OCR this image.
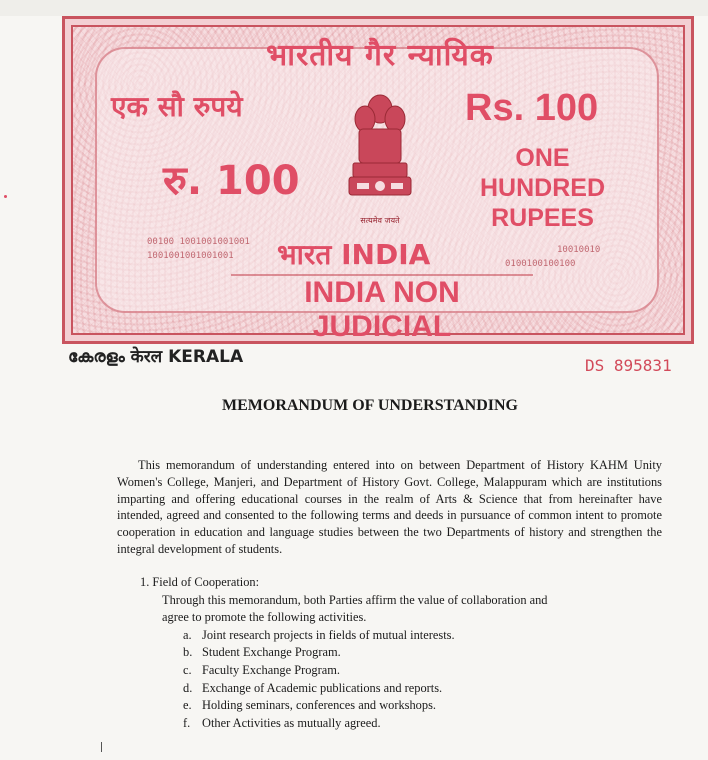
भारतीय गैर न्यायिक
एक सौ रुपये	Rs. 100
रु. 100	ONE
HUNDRED RUPEES
सत्यमेव जयते
00100 1001001001001
1001001001001001
10010010
0100100100100
भारत INDIA
INDIA NON JUDICIAL
കേരളം केरल KERALA	DS 895831
MEMORANDUM OF UNDERSTANDING

This memorandum of understanding entered into on between Department of History KAHM Unity Women's College, Manjeri, and Department of History Govt. College, Malappuram which are institutions imparting and offering educational courses in the realm of Arts & Science that from hereinafter have intended, agreed and consented to the following terms and deeds in pursuance of common intent to promote cooperation in education and language studies between the two Departments of history and strengthen the integral development of students.

1. Field of Cooperation:

Through this memorandum, both Parties affirm the value of collaboration and
agree to promote the following activities.
a. Joint research projects in fields of mutual interests.
b. Student Exchange Program.
c. Faculty Exchange Program.
d. Exchange of Academic publications and reports.
e. Holding seminars, conferences and workshops.
f. Other Activities as mutually agreed.
